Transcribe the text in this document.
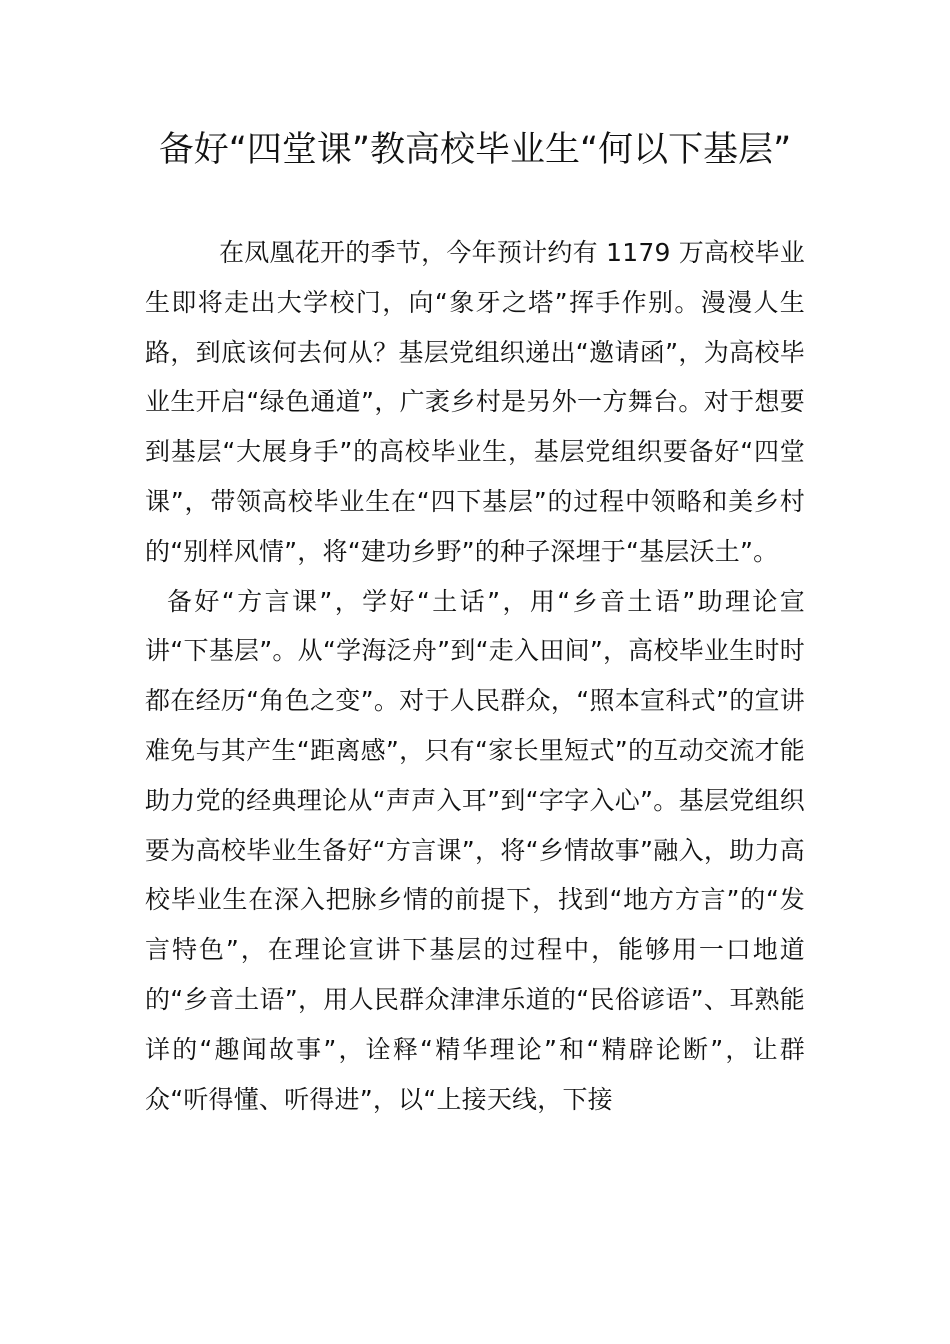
备好“四堂课”教高校毕业生“何以下基层”

在凤凰花开的季节，今年预计约有 1179 万高校毕业生即将走出大学校门，向“象牙之塔”挥手作别。漫漫人生路，到底该何去何从？基层党组织递出“邀请函”，为高校毕业生开启“绿色通道”，广袤乡村是另外一方舞台。对于想要到基层“大展身手”的高校毕业生，基层党组织要备好“四堂课”，带领高校毕业生在“四下基层”的过程中领略和美乡村的“别样风情”，将“建功乡野”的种子深埋于“基层沃土”。

备好“方言课”，学好“土话”，用“乡音土语”助理论宣讲“下基层”。从“学海泛舟”到“走入田间”，高校毕业生时时都在经历“角色之变”。对于人民群众，“照本宣科式”的宣讲难免与其产生“距离感”，只有“家长里短式”的互动交流才能助力党的经典理论从“声声入耳”到“字字入心”。基层党组织要为高校毕业生备好“方言课”，将“乡情故事”融入，助力高校毕业生在深入把脉乡情的前提下，找到“地方方言”的“发言特色”，在理论宣讲下基层的过程中，能够用一口地道的“乡音土语”，用人民群众津津乐道的“民俗谚语”、耳熟能详的“趣闻故事”，诠释“精华理论”和“精辟论断”，让群众“听得懂、听得进”，以“上接天线，下接
